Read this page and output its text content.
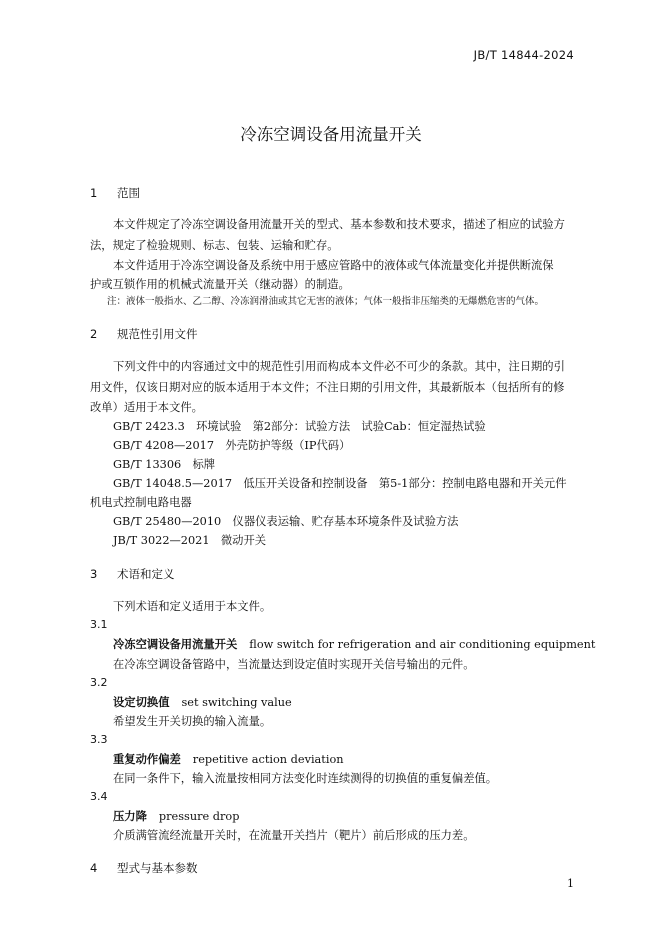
JB/T 14844-2024
冷冻空调设备用流量开关
1 范围
本文件规定了冷冻空调设备用流量开关的型式、基本参数和技术要求，描述了相应的试验方
法，规定了检验规则、标志、包装、运输和贮存。
本文件适用于冷冻空调设备及系统中用于感应管路中的液体或气体流量变化并提供断流保
护或互锁作用的机械式流量开关（继动器）的制造。
注：液体一般指水、乙二醇、冷冻润滑油或其它无害的液体；气体一般指非压缩类的无爆燃危害的气体。
2 规范性引用文件
下列文件中的内容通过文中的规范性引用而构成本文件必不可少的条款。其中，注日期的引
用文件，仅该日期对应的版本适用于本文件；不注日期的引用文件，其最新版本（包括所有的修
改单）适用于本文件。
GB/T 2423.3　环境试验　第2部分：试验方法　试验Cab：恒定湿热试验
GB/T 4208—2017　外壳防护等级（IP代码）
GB/T 13306　标牌
GB/T 14048.5—2017　低压开关设备和控制设备　第5-1部分：控制电路电器和开关元件
机电式控制电路电器
GB/T 25480—2010　仪器仪表运输、贮存基本环境条件及试验方法
JB/T 3022—2021　微动开关
3 术语和定义
下列术语和定义适用于本文件。
3.1
冷冻空调设备用流量开关 flow switch for refrigeration and air conditioning equipment
在冷冻空调设备管路中，当流量达到设定值时实现开关信号输出的元件。
3.2
设定切换值 set switching value
希望发生开关切换的输入流量。
3.3
重复动作偏差 repetitive action deviation
在同一条件下，输入流量按相同方法变化时连续测得的切换值的重复偏差值。
3.4
压力降 pressure drop
介质满管流经流量开关时，在流量开关挡片（靶片）前后形成的压力差。
4 型式与基本参数
1
